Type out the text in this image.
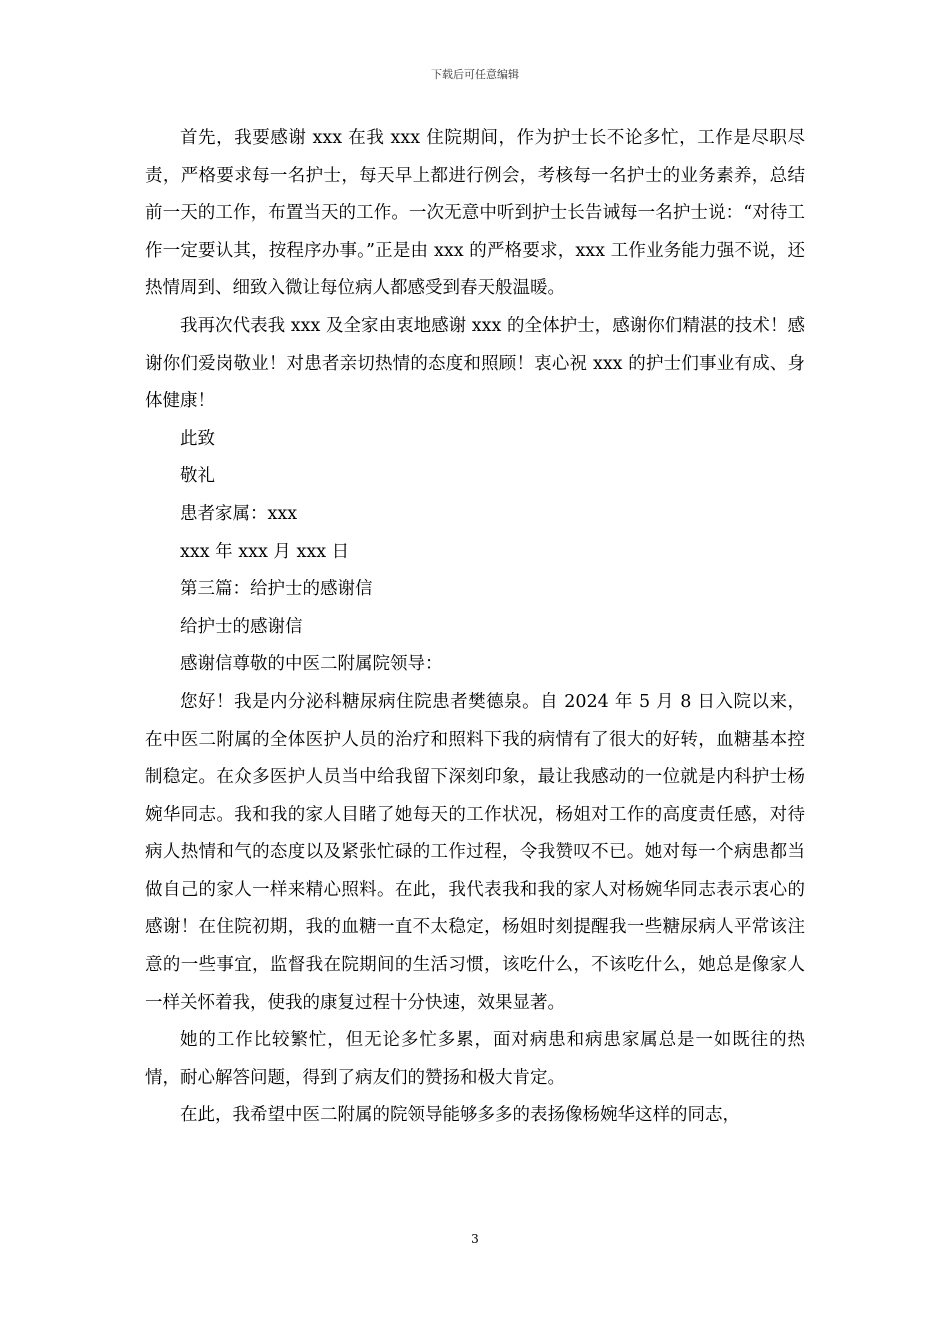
下载后可任意编辑

首先，我要感谢 xxx 在我 xxx 住院期间，作为护士长不论多忙，工作是尽职尽责，严格要求每一名护士，每天早上都进行例会，考核每一名护士的业务素养，总结前一天的工作，布置当天的工作。一次无意中听到护士长告诫每一名护士说：“对待工作一定要认其，按程序办事。”正是由 xxx 的严格要求，xxx 工作业务能力强不说，还热情周到、细致入微让每位病人都感受到春天般温暖。

我再次代表我 xxx 及全家由衷地感谢 xxx 的全体护士，感谢你们精湛的技术！感谢你们爱岗敬业！对患者亲切热情的态度和照顾！衷心祝 xxx 的护士们事业有成、身体健康！

此致

敬礼

患者家属：xxx

xxx 年 xxx 月 xxx 日

第三篇：给护士的感谢信

给护士的感谢信

感谢信尊敬的中医二附属院领导：

您好！我是内分泌科糖尿病住院患者樊德泉。自 2024 年 5 月 8 日入院以来，在中医二附属的全体医护人员的治疗和照料下我的病情有了很大的好转，血糖基本控制稳定。在众多医护人员当中给我留下深刻印象，最让我感动的一位就是内科护士杨婉华同志。我和我的家人目睹了她每天的工作状况，杨姐对工作的高度责任感，对待病人热情和气的态度以及紧张忙碌的工作过程，令我赞叹不已。她对每一个病患都当做自己的家人一样来精心照料。在此，我代表我和我的家人对杨婉华同志表示衷心的感谢！在住院初期，我的血糖一直不太稳定，杨姐时刻提醒我一些糖尿病人平常该注意的一些事宜，监督我在院期间的生活习惯，该吃什么，不该吃什么，她总是像家人一样关怀着我，使我的康复过程十分快速，效果显著。

她的工作比较繁忙，但无论多忙多累，面对病患和病患家属总是一如既往的热情，耐心解答问题，得到了病友们的赞扬和极大肯定。

在此，我希望中医二附属的院领导能够多多的表扬像杨婉华这样的同志，

3
